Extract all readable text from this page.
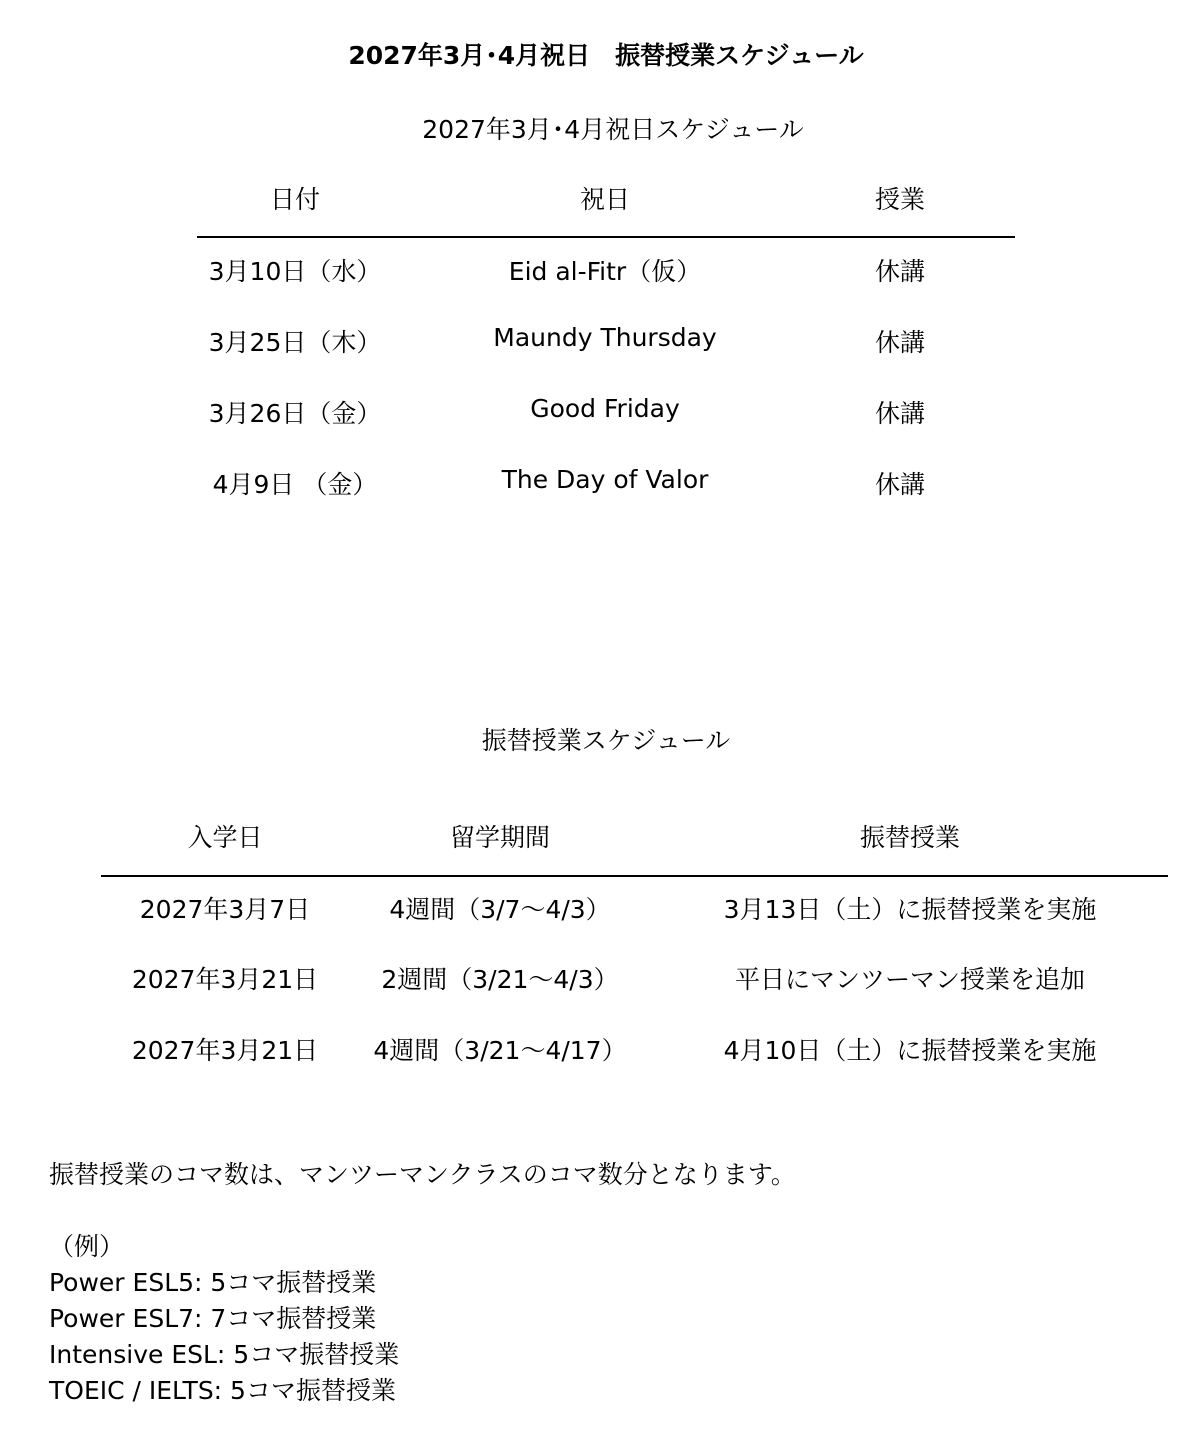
2027年3月･4月祝日　振替授業スケジュール
2027年3月･4月祝日スケジュール
日付	祝日	授業
3月10日（水）	Eid al-Fitr（仮）	休講
3月25日（木）	Maundy Thursday	休講
3月26日（金）	Good Friday	休講
4月9日 （金）	The Day of Valor	休講
振替授業スケジュール
入学日	留学期間	振替授業
2027年3月7日	4週間（3/7～4/3）	3月13日（土）に振替授業を実施
2027年3月21日	2週間（3/21～4/3）	平日にマンツーマン授業を追加
2027年3月21日	4週間（3/21～4/17）	4月10日（土）に振替授業を実施
振替授業のコマ数は、マンツーマンクラスのコマ数分となります。
（例）
Power ESL5: 5コマ振替授業
Power ESL7: 7コマ振替授業
Intensive ESL: 5コマ振替授業
TOEIC / IELTS: 5コマ振替授業
